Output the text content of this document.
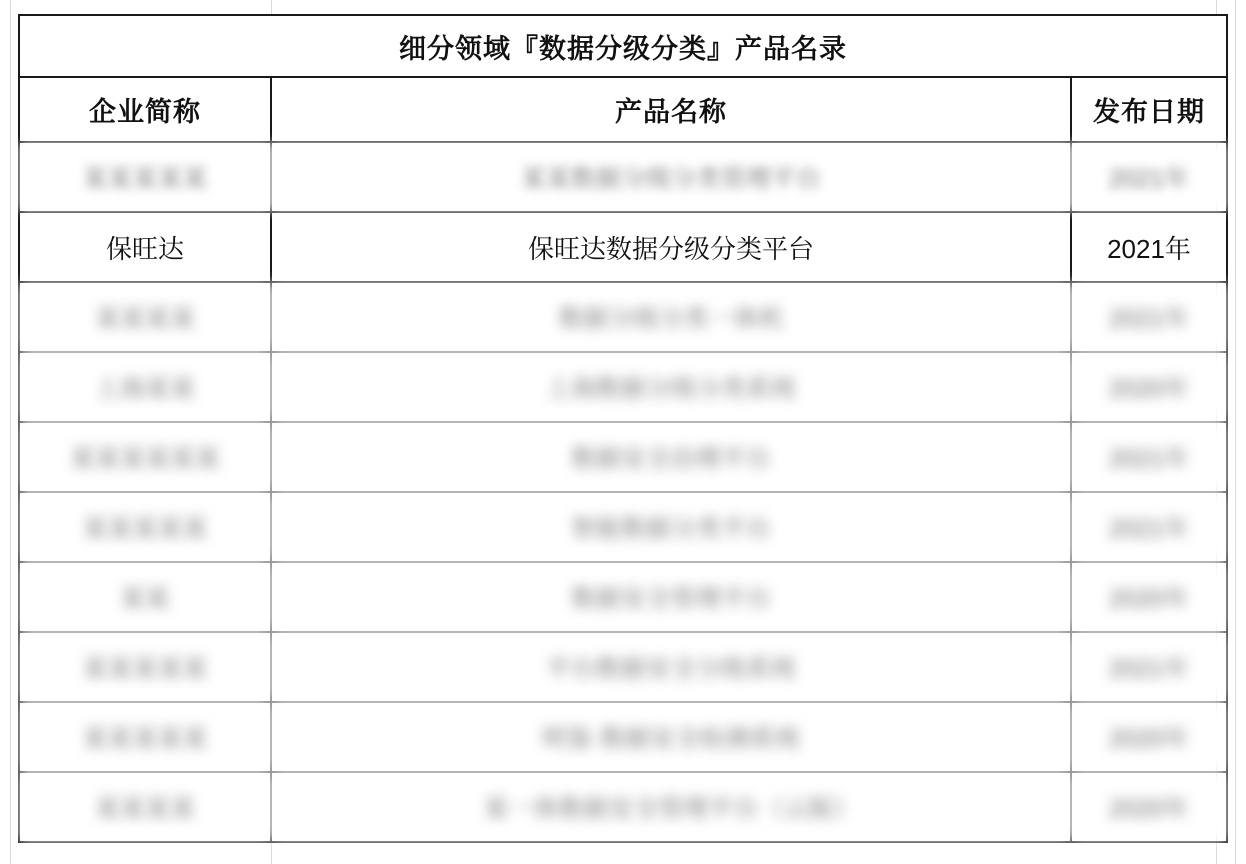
细分领域『数据分级分类』产品名录		
企业简称	产品名称	发布日期
某某某某某	某某数据分级分类管理平台	2021年
保旺达	保旺达数据分级分类平台	2021年
某某某某	数据分级分类一体机	2021年
上海某某	上海数据分级分类系统	2020年
某某某某某某	数据安全治理平台	2021年
某某某某某	智能数据分类平台	2021年
某某	数据安全管理平台	2020年
某某某某某	平台数据安全分级系统	2021年
某某某某某	明鉴·数据安全检测系统	2020年
某某某某	某一体数据安全管理平台（云版）	2020年
